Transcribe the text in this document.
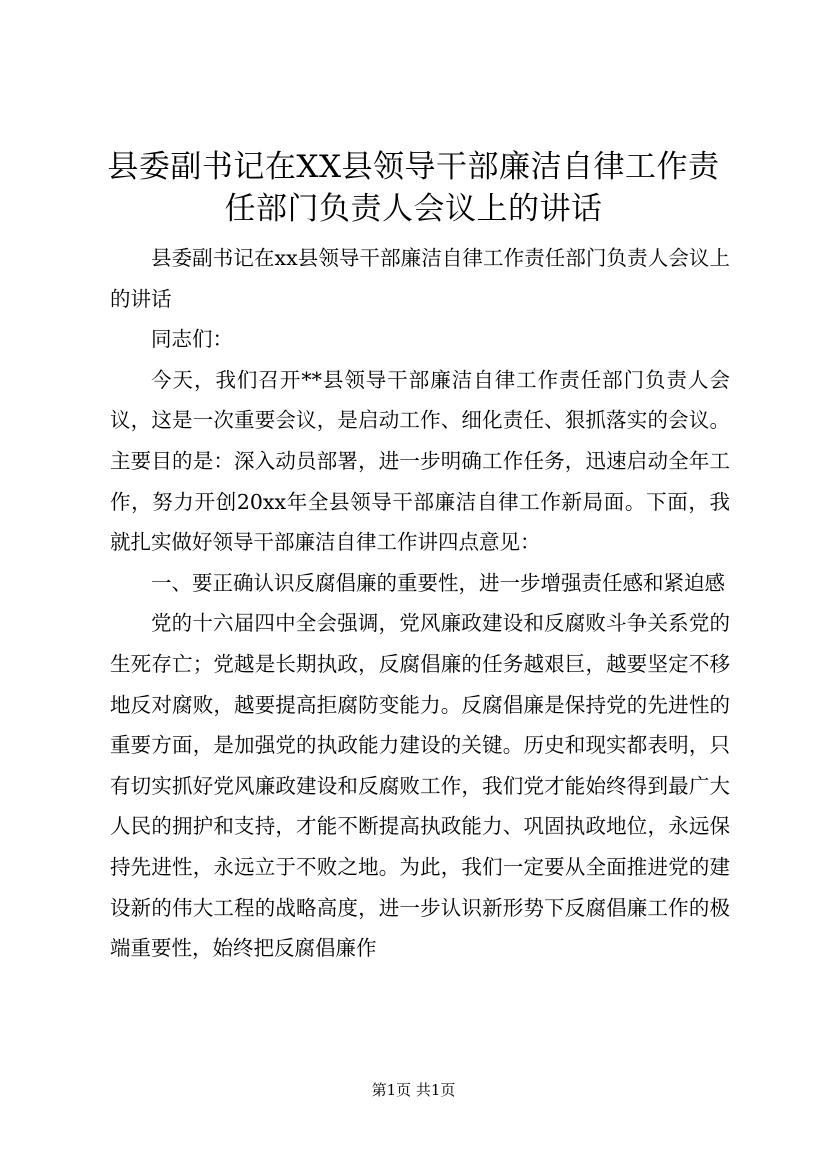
县委副书记在XX县领导干部廉洁自律工作责
任部门负责人会议上的讲话

县委副书记在xx县领导干部廉洁自律工作责任部门负责人会议上的讲话

同志们：

今天，我们召开**县领导干部廉洁自律工作责任部门负责人会议，这是一次重要会议，是启动工作、细化责任、狠抓落实的会议。主要目的是：深入动员部署，进一步明确工作任务，迅速启动全年工作，努力开创20xx年全县领导干部廉洁自律工作新局面。下面，我就扎实做好领导干部廉洁自律工作讲四点意见：

一、要正确认识反腐倡廉的重要性，进一步增强责任感和紧迫感

党的十六届四中全会强调，党风廉政建设和反腐败斗争关系党的生死存亡；党越是长期执政，反腐倡廉的任务越艰巨，越要坚定不移地反对腐败，越要提高拒腐防变能力。反腐倡廉是保持党的先进性的重要方面，是加强党的执政能力建设的关键。历史和现实都表明，只有切实抓好党风廉政建设和反腐败工作，我们党才能始终得到最广大人民的拥护和支持，才能不断提高执政能力、巩固执政地位，永远保持先进性，永远立于不败之地。为此，我们一定要从全面推进党的建设新的伟大工程的战略高度，进一步认识新形势下反腐倡廉工作的极端重要性，始终把反腐倡廉作

第1页 共1页
